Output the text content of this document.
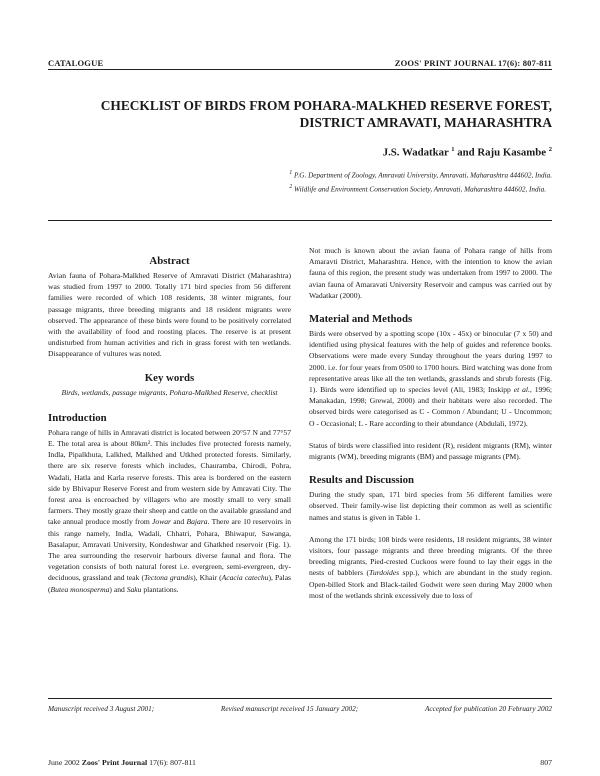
CATALOGUE	ZOOS' PRINT JOURNAL 17(6): 807-811
CHECKLIST OF BIRDS FROM POHARA-MALKHED RESERVE FOREST,
DISTRICT AMRAVATI, MAHARASHTRA
J.S. Wadatkar $^1$ and Raju Kasambe $^2$
$^1$ P.G. Department of Zoology, Amravati University, Amravati, Maharashtra 444602, India.
$^2$ Wildlife and Environment Conservation Society, Amravati, Maharashtra 444602, India.
Abstract

Avian fauna of Pohara-Malkhed Reserve of Amravati District (Maharashtra) was studied from 1997 to 2000. Totally 171 bird species from 56 different families were recorded of which 108 residents, 38 winter migrants, four passage migrants, three breeding migrants and 18 resident migrants were observed. The appearance of these birds were found to be positively correlated with the availability of food and roosting places. The reserve is at present undisturbed from human activities and rich in grass forest with ten wetlands. Disappearance of vultures was noted.

Key words

Birds, wetlands, passage migrants, Pohara-Malkhed Reserve, checklist

Introduction

Pohara range of hills in Amravati district is located between 20°57 N and 77°57 E. The total area is about 80km². This includes five protected forests namely, Indla, Pipalkhuta, Lalkhed, Malkhed and Utkhed protected forests. Similarly, there are six reserve forests which includes, Chauramba, Chirodi, Pohra, Wadali, Hatla and Karla reserve forests. This area is bordered on the eastern side by Bhivapur Reserve Forest and from western side by Amravati City. The forest area is encroached by villagers who are mostly small to very small farmers. They mostly graze their sheep and cattle on the available grassland and take annual produce mostly from Jowar and Bajara. There are 10 reservoirs in this range namely, Indla, Wadali, Chhatri, Pohara, Bhiwapur, Sawanga, Basalapur, Amravati University, Kondeshwar and Ghatkhed reservoir (Fig. 1). The area surrounding the reservoir harbours diverse faunal and flora. The vegetation consists of both natural forest i.e. evergreen, semi-evergreen, dry-deciduous, grassland and teak (Tectona grandis), Khair (Acacia catechu), Palas (Butea monosperma) and Saku plantations.

Not much is known about the avian fauna of Pohara range of hills from Amaravti District, Maharashtra. Hence, with the intention to know the avian fauna of this region, the present study was undertaken from 1997 to 2000. The avian fauna of Amaravati University Reservoir and campus was carried out by Wadatkar (2000).

Material and Methods

Birds were observed by a spotting scope (10x - 45x) or binocular (7 x 50) and identified using physical features with the help of guides and reference books. Observations were made every Sunday throughout the years during 1997 to 2000. i.e. for four years from 0500 to 1700 hours. Bird watching was done from representative areas like all the ten wetlands, grasslands and shrub forests (Fig. 1). Birds were identified up to species level (Ali, 1983; Inskipp et al., 1996; Manakadan, 1998; Grewal, 2000) and their habitats were also recorded. The observed birds were categorised as C - Common / Abundant; U - Uncommon; O - Occasional; L - Rare according to their abundance (Abdulali, 1972).

Status of birds were classified into resident (R), resident migrants (RM), winter migrants (WM), breeding migrants (BM) and passage migrants (PM).

Results and Discussion

During the study span, 171 bird species from 56 different families were observed. Their family-wise list depicting their common as well as scientific names and status is given in Table 1.

Among the 171 birds; 108 birds were residents, 18 resident migrants, 38 winter visitors, four passage migrants and three breeding migrants. Of the three breeding migrants, Pied-crested Cuckoos were found to lay their eggs in the nests of babblers (Turdoides spp.), which are abundant in the study region. Open-billed Stork and Black-tailed Godwit were seen during May 2000 when most of the wetlands shrink excessively due to loss of

Manuscript received 3 August 2001;	Revised manuscript received 15 January 2002;	Accepted for publication 20 February 2002
June 2002 Zoos' Print Journal 17(6): 807-811	807
